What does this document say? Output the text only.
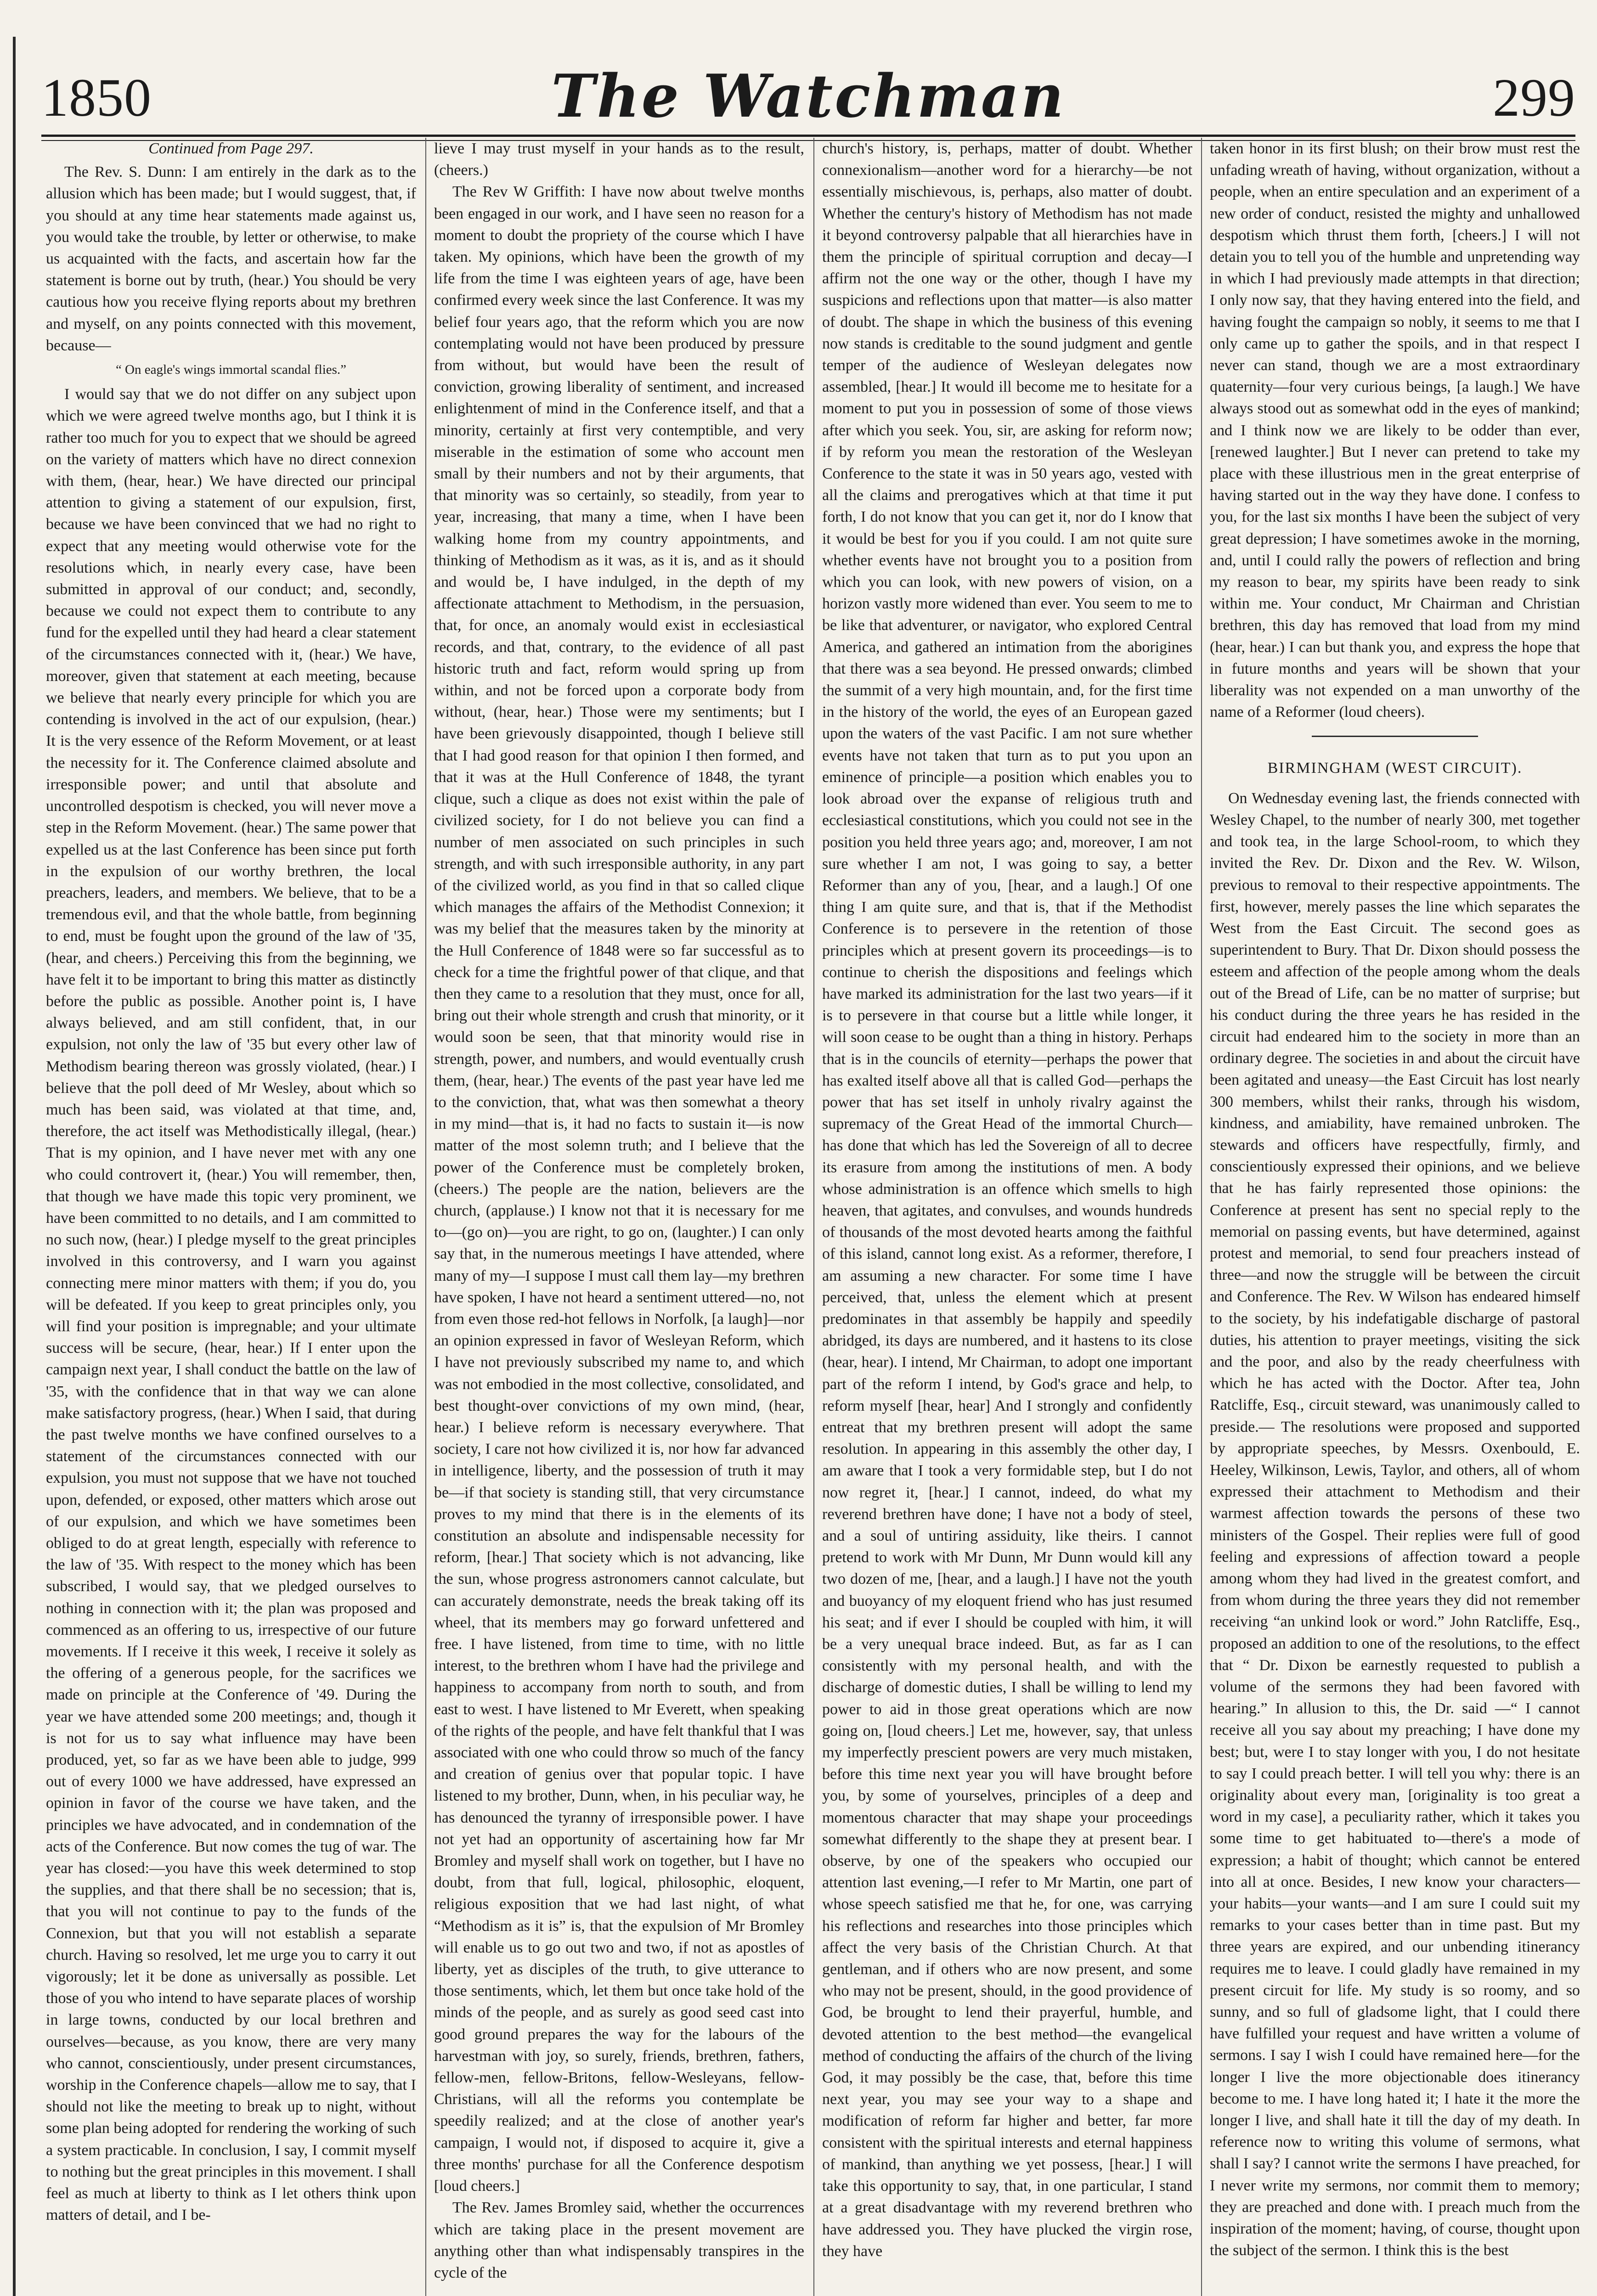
1850	The Watchman	299

Continued from Page 297.

The Rev. S. Dunn: I am entirely in the dark as to the allusion which has been made; but I would suggest, that, if you should at any time hear statements made against us, you would take the trouble, by letter or otherwise, to make us acquainted with the facts, and ascertain how far the statement is borne out by truth, (hear.) You should be very cautious how you receive flying reports about my brethren and myself, on any points connected with this movement, because—

“ On eagle's wings immortal scandal flies.”

I would say that we do not differ on any subject upon which we were agreed twelve months ago, but I think it is rather too much for you to expect that we should be agreed on the variety of matters which have no direct connexion with them, (hear, hear.) We have directed our principal attention to giving a statement of our expulsion, first, because we have been convinced that we had no right to expect that any meeting would otherwise vote for the resolutions which, in nearly every case, have been submitted in approval of our conduct; and, secondly, because we could not expect them to contribute to any fund for the expelled until they had heard a clear statement of the circumstances connected with it, (hear.) We have, moreover, given that statement at each meeting, because we believe that nearly every principle for which you are contending is involved in the act of our expulsion, (hear.) It is the very essence of the Reform Movement, or at least the necessity for it. The Conference claimed absolute and irresponsible power; and until that absolute and uncontrolled despotism is checked, you will never move a step in the Reform Movement. (hear.) The same power that expelled us at the last Conference has been since put forth in the expulsion of our worthy brethren, the local preachers, leaders, and members. We believe, that to be a tremendous evil, and that the whole battle, from beginning to end, must be fought upon the ground of the law of '35, (hear, and cheers.) Perceiving this from the beginning, we have felt it to be important to bring this matter as distinctly before the public as possible. Another point is, I have always believed, and am still confident, that, in our expulsion, not only the law of '35 but every other law of Methodism bearing thereon was grossly violated, (hear.) I believe that the poll deed of Mr Wesley, about which so much has been said, was violated at that time, and, therefore, the act itself was Methodistically illegal, (hear.) That is my opinion, and I have never met with any one who could controvert it, (hear.) You will remember, then, that though we have made this topic very prominent, we have been committed to no details, and I am committed to no such now, (hear.) I pledge myself to the great principles involved in this controversy, and I warn you against connecting mere minor matters with them; if you do, you will be defeated. If you keep to great principles only, you will find your position is impregnable; and your ultimate success will be secure, (hear, hear.) If I enter upon the campaign next year, I shall conduct the battle on the law of '35, with the confidence that in that way we can alone make satisfactory progress, (hear.) When I said, that during the past twelve months we have confined ourselves to a statement of the circumstances connected with our expulsion, you must not suppose that we have not touched upon, defended, or exposed, other matters which arose out of our expulsion, and which we have sometimes been obliged to do at great length, especially with reference to the law of '35. With respect to the money which has been subscribed, I would say, that we pledged ourselves to nothing in connection with it; the plan was proposed and commenced as an offering to us, irrespective of our future movements. If I receive it this week, I receive it solely as the offering of a generous people, for the sacrifices we made on principle at the Conference of '49. During the year we have attended some 200 meetings; and, though it is not for us to say what influence may have been produced, yet, so far as we have been able to judge, 999 out of every 1000 we have addressed, have expressed an opinion in favor of the course we have taken, and the principles we have advocated, and in condemnation of the acts of the Conference. But now comes the tug of war. The year has closed:—you have this week determined to stop the supplies, and that there shall be no secession; that is, that you will not continue to pay to the funds of the Connexion, but that you will not establish a separate church. Having so resolved, let me urge you to carry it out vigorously; let it be done as universally as possible. Let those of you who intend to have separate places of worship in large towns, conducted by our local brethren and ourselves—because, as you know, there are very many who cannot, conscientiously, under present circumstances, worship in the Conference chapels—allow me to say, that I should not like the meeting to break up to night, without some plan being adopted for rendering the working of such a system practicable. In conclusion, I say, I commit myself to nothing but the great principles in this movement. I shall feel as much at liberty to think as I let others think upon matters of detail, and I be-

lieve I may trust myself in your hands as to the result, (cheers.)

The Rev W Griffith: I have now about twelve months been engaged in our work, and I have seen no reason for a moment to doubt the propriety of the course which I have taken. My opinions, which have been the growth of my life from the time I was eighteen years of age, have been confirmed every week since the last Conference. It was my belief four years ago, that the reform which you are now contemplating would not have been produced by pressure from without, but would have been the result of conviction, growing liberality of sentiment, and increased enlightenment of mind in the Conference itself, and that a minority, certainly at first very contemptible, and very miserable in the estimation of some who account men small by their numbers and not by their arguments, that that minority was so certainly, so steadily, from year to year, increasing, that many a time, when I have been walking home from my country appointments, and thinking of Methodism as it was, as it is, and as it should and would be, I have indulged, in the depth of my affectionate attachment to Methodism, in the persuasion, that, for once, an anomaly would exist in ecclesiastical records, and that, contrary, to the evidence of all past historic truth and fact, reform would spring up from within, and not be forced upon a corporate body from without, (hear, hear.) Those were my sentiments; but I have been grievously disappointed, though I believe still that I had good reason for that opinion I then formed, and that it was at the Hull Conference of 1848, the tyrant clique, such a clique as does not exist within the pale of civilized society, for I do not believe you can find a number of men associated on such principles in such strength, and with such irresponsible authority, in any part of the civilized world, as you find in that so called clique which manages the affairs of the Methodist Connexion; it was my belief that the measures taken by the minority at the Hull Conference of 1848 were so far successful as to check for a time the frightful power of that clique, and that then they came to a resolution that they must, once for all, bring out their whole strength and crush that minority, or it would soon be seen, that that minority would rise in strength, power, and numbers, and would eventually crush them, (hear, hear.) The events of the past year have led me to the conviction, that, what was then somewhat a theory in my mind—that is, it had no facts to sustain it—is now matter of the most solemn truth; and I believe that the power of the Conference must be completely broken, (cheers.) The people are the nation, believers are the church, (applause.) I know not that it is necessary for me to—(go on)—you are right, to go on, (laughter.) I can only say that, in the numerous meetings I have attended, where many of my—I suppose I must call them lay—my brethren have spoken, I have not heard a sentiment uttered—no, not from even those red-hot fellows in Norfolk, [a laugh]—nor an opinion expressed in favor of Wesleyan Reform, which I have not previously subscribed my name to, and which was not embodied in the most collective, consolidated, and best thought-over convictions of my own mind, (hear, hear.) I believe reform is necessary everywhere. That society, I care not how civilized it is, nor how far advanced in intelligence, liberty, and the possession of truth it may be—if that society is standing still, that very circumstance proves to my mind that there is in the elements of its constitution an absolute and indispensable necessity for reform, [hear.] That society which is not advancing, like the sun, whose progress astronomers cannot calculate, but can accurately demonstrate, needs the break taking off its wheel, that its members may go forward unfettered and free. I have listened, from time to time, with no little interest, to the brethren whom I have had the privilege and happiness to accompany from north to south, and from east to west. I have listened to Mr Everett, when speaking of the rights of the people, and have felt thankful that I was associated with one who could throw so much of the fancy and creation of genius over that popular topic. I have listened to my brother, Dunn, when, in his peculiar way, he has denounced the tyranny of irresponsible power. I have not yet had an opportunity of ascertaining how far Mr Bromley and myself shall work on together, but I have no doubt, from that full, logical, philosophic, eloquent, religious exposition that we had last night, of what “Methodism as it is” is, that the expulsion of Mr Bromley will enable us to go out two and two, if not as apostles of liberty, yet as disciples of the truth, to give utterance to those sentiments, which, let them but once take hold of the minds of the people, and as surely as good seed cast into good ground prepares the way for the labours of the harvestman with joy, so surely, friends, brethren, fathers, fellow-men, fellow-Britons, fellow-Wesleyans, fellow-Christians, will all the reforms you contemplate be speedily realized; and at the close of another year's campaign, I would not, if disposed to acquire it, give a three months' purchase for all the Conference despotism [loud cheers.]

The Rev. James Bromley said, whether the occurrences which are taking place in the present movement are anything other than what indispensably transpires in the cycle of the

church's history, is, perhaps, matter of doubt. Whether connexionalism—another word for a hierarchy—be not essentially mischievous, is, perhaps, also matter of doubt. Whether the century's history of Methodism has not made it beyond controversy palpable that all hierarchies have in them the principle of spiritual corruption and decay—I affirm not the one way or the other, though I have my suspicions and reflections upon that matter—is also matter of doubt. The shape in which the business of this evening now stands is creditable to the sound judgment and gentle temper of the audience of Wesleyan delegates now assembled, [hear.] It would ill become me to hesitate for a moment to put you in possession of some of those views after which you seek. You, sir, are asking for reform now; if by reform you mean the restoration of the Wesleyan Conference to the state it was in 50 years ago, vested with all the claims and prerogatives which at that time it put forth, I do not know that you can get it, nor do I know that it would be best for you if you could. I am not quite sure whether events have not brought you to a position from which you can look, with new powers of vision, on a horizon vastly more widened than ever. You seem to me to be like that adventurer, or navigator, who explored Central America, and gathered an intimation from the aborigines that there was a sea beyond. He pressed onwards; climbed the summit of a very high mountain, and, for the first time in the history of the world, the eyes of an European gazed upon the waters of the vast Pacific. I am not sure whether events have not taken that turn as to put you upon an eminence of principle—a position which enables you to look abroad over the expanse of religious truth and ecclesiastical constitutions, which you could not see in the position you held three years ago; and, moreover, I am not sure whether I am not, I was going to say, a better Reformer than any of you, [hear, and a laugh.] Of one thing I am quite sure, and that is, that if the Methodist Conference is to persevere in the retention of those principles which at present govern its proceedings—is to continue to cherish the dispositions and feelings which have marked its administration for the last two years—if it is to persevere in that course but a little while longer, it will soon cease to be ought than a thing in history. Perhaps that is in the councils of eternity—perhaps the power that has exalted itself above all that is called God—perhaps the power that has set itself in unholy rivalry against the supremacy of the Great Head of the immortal Church—has done that which has led the Sovereign of all to decree its erasure from among the institutions of men. A body whose administration is an offence which smells to high heaven, that agitates, and convulses, and wounds hundreds of thousands of the most devoted hearts among the faithful of this island, cannot long exist. As a reformer, therefore, I am assuming a new character. For some time I have perceived, that, unless the element which at present predominates in that assembly be happily and speedily abridged, its days are numbered, and it hastens to its close (hear, hear). I intend, Mr Chairman, to adopt one important part of the reform I intend, by God's grace and help, to reform myself [hear, hear] And I strongly and confidently entreat that my brethren present will adopt the same resolution. In appearing in this assembly the other day, I am aware that I took a very formidable step, but I do not now regret it, [hear.] I cannot, indeed, do what my reverend brethren have done; I have not a body of steel, and a soul of untiring assiduity, like theirs. I cannot pretend to work with Mr Dunn, Mr Dunn would kill any two dozen of me, [hear, and a laugh.] I have not the youth and buoyancy of my eloquent friend who has just resumed his seat; and if ever I should be coupled with him, it will be a very unequal brace indeed. But, as far as I can consistently with my personal health, and with the discharge of domestic duties, I shall be willing to lend my power to aid in those great operations which are now going on, [loud cheers.] Let me, however, say, that unless my imperfectly prescient powers are very much mistaken, before this time next year you will have brought before you, by some of yourselves, principles of a deep and momentous character that may shape your proceedings somewhat differently to the shape they at present bear. I observe, by one of the speakers who occupied our attention last evening,—I refer to Mr Martin, one part of whose speech satisfied me that he, for one, was carrying his reflections and researches into those principles which affect the very basis of the Christian Church. At that gentleman, and if others who are now present, and some who may not be present, should, in the good providence of God, be brought to lend their prayerful, humble, and devoted attention to the best method—the evangelical method of conducting the affairs of the church of the living God, it may possibly be the case, that, before this time next year, you may see your way to a shape and modification of reform far higher and better, far more consistent with the spiritual interests and eternal happiness of mankind, than anything we yet possess, [hear.] I will take this opportunity to say, that, in one particular, I stand at a great disadvantage with my reverend brethren who have addressed you. They have plucked the virgin rose, they have

taken honor in its first blush; on their brow must rest the unfading wreath of having, without organization, without a people, when an entire speculation and an experiment of a new order of conduct, resisted the mighty and unhallowed despotism which thrust them forth, [cheers.] I will not detain you to tell you of the humble and unpretending way in which I had previously made attempts in that direction; I only now say, that they having entered into the field, and having fought the campaign so nobly, it seems to me that I only came up to gather the spoils, and in that respect I never can stand, though we are a most extraordinary quaternity—four very curious beings, [a laugh.] We have always stood out as somewhat odd in the eyes of mankind; and I think now we are likely to be odder than ever, [renewed laughter.] But I never can pretend to take my place with these illustrious men in the great enterprise of having started out in the way they have done. I confess to you, for the last six months I have been the subject of very great depression; I have sometimes awoke in the morning, and, until I could rally the powers of reflection and bring my reason to bear, my spirits have been ready to sink within me. Your conduct, Mr Chairman and Christian brethren, this day has removed that load from my mind (hear, hear.) I can but thank you, and express the hope that in future months and years will be shown that your liberality was not expended on a man unworthy of the name of a Reformer (loud cheers).

BIRMINGHAM (WEST CIRCUIT).

On Wednesday evening last, the friends connected with Wesley Chapel, to the number of nearly 300, met together and took tea, in the large School-room, to which they invited the Rev. Dr. Dixon and the Rev. W. Wilson, previous to removal to their respective appointments. The first, however, merely passes the line which separates the West from the East Circuit. The second goes as superintendent to Bury. That Dr. Dixon should possess the esteem and affection of the people among whom the deals out of the Bread of Life, can be no matter of surprise; but his conduct during the three years he has resided in the circuit had endeared him to the society in more than an ordinary degree. The societies in and about the circuit have been agitated and uneasy—the East Circuit has lost nearly 300 members, whilst their ranks, through his wisdom, kindness, and amiability, have remained unbroken. The stewards and officers have respectfully, firmly, and conscientiously expressed their opinions, and we believe that he has fairly represented those opinions: the Conference at present has sent no special reply to the memorial on passing events, but have determined, against protest and memorial, to send four preachers instead of three—and now the struggle will be between the circuit and Conference. The Rev. W Wilson has endeared himself to the society, by his indefatigable discharge of pastoral duties, his attention to prayer meetings, visiting the sick and the poor, and also by the ready cheerfulness with which he has acted with the Doctor. After tea, John Ratcliffe, Esq., circuit steward, was unanimously called to preside.— The resolutions were proposed and supported by appropriate speeches, by Messrs. Oxenbould, E. Heeley, Wilkinson, Lewis, Taylor, and others, all of whom expressed their attachment to Methodism and their warmest affection towards the persons of these two ministers of the Gospel. Their replies were full of good feeling and expressions of affection toward a people among whom they had lived in the greatest comfort, and from whom during the three years they did not remember receiving “an unkind look or word.” John Ratcliffe, Esq., proposed an addition to one of the resolutions, to the effect that “ Dr. Dixon be earnestly requested to publish a volume of the sermons they had been favored with hearing.” In allusion to this, the Dr. said —“ I cannot receive all you say about my preaching; I have done my best; but, were I to stay longer with you, I do not hesitate to say I could preach better. I will tell you why: there is an originality about every man, [originality is too great a word in my case], a peculiarity rather, which it takes you some time to get habituated to—there's a mode of expression; a habit of thought; which cannot be entered into all at once. Besides, I new know your characters—your habits—your wants—and I am sure I could suit my remarks to your cases better than in time past. But my three years are expired, and our unbending itinerancy requires me to leave. I could gladly have remained in my present circuit for life. My study is so roomy, and so sunny, and so full of gladsome light, that I could there have fulfilled your request and have written a volume of sermons. I say I wish I could have remained here—for the longer I live the more objectionable does itinerancy become to me. I have long hated it; I hate it the more the longer I live, and shall hate it till the day of my death. In reference now to writing this volume of sermons, what shall I say? I cannot write the sermons I have preached, for I never write my sermons, nor commit them to memory; they are preached and done with. I preach much from the inspiration of the moment; having, of course, thought upon the subject of the sermon. I think this is the best
